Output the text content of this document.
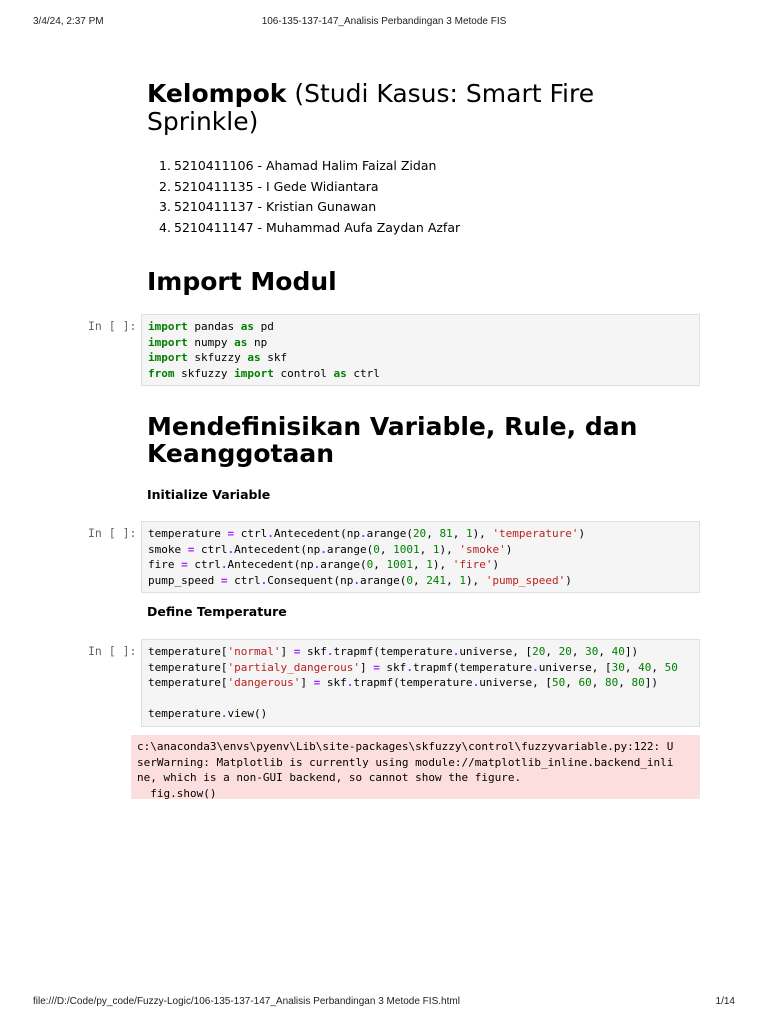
3/4/24, 2:37 PM	106-135-137-147_Analisis Perbandingan 3 Metode FIS
Kelompok (Studi Kasus: Smart Fire
Sprinkle)
1. 5210411106 - Ahamad Halim Faizal Zidan
2. 5210411135 - I Gede Widiantara
3. 5210411137 - Kristian Gunawan
4. 5210411147 - Muhammad Aufa Zaydan Azfar
Import Modul
Mendefinisikan Variable, Rule, dan
Keanggotaan
Initialize Variable
Define Temperature
In [ ]:
In [ ]:
In [ ]:
import pandas as pd
import numpy as np
import skfuzzy as skf
from skfuzzy import control as ctrl
temperature = ctrl.Antecedent(np.arange(20, 81, 1), 'temperature')
smoke = ctrl.Antecedent(np.arange(0, 1001, 1), 'smoke')
fire = ctrl.Antecedent(np.arange(0, 1001, 1), 'fire')
pump_speed = ctrl.Consequent(np.arange(0, 241, 1), 'pump_speed')
temperature['normal'] = skf.trapmf(temperature.universe, [20, 20, 30, 40])
temperature['partialy_dangerous'] = skf.trapmf(temperature.universe, [30, 40, 50
temperature['dangerous'] = skf.trapmf(temperature.universe, [50, 60, 80, 80])

temperature.view()
c:\anaconda3\envs\pyenv\Lib\site-packages\skfuzzy\control\fuzzyvariable.py:122: U
serWarning: Matplotlib is currently using module://matplotlib_inline.backend_inli
ne, which is a non-GUI backend, so cannot show the figure.
fig.show()
file:///D:/Code/py_code/Fuzzy-Logic/106-135-137-147_Analisis Perbandingan 3 Metode FIS.html	1/14
